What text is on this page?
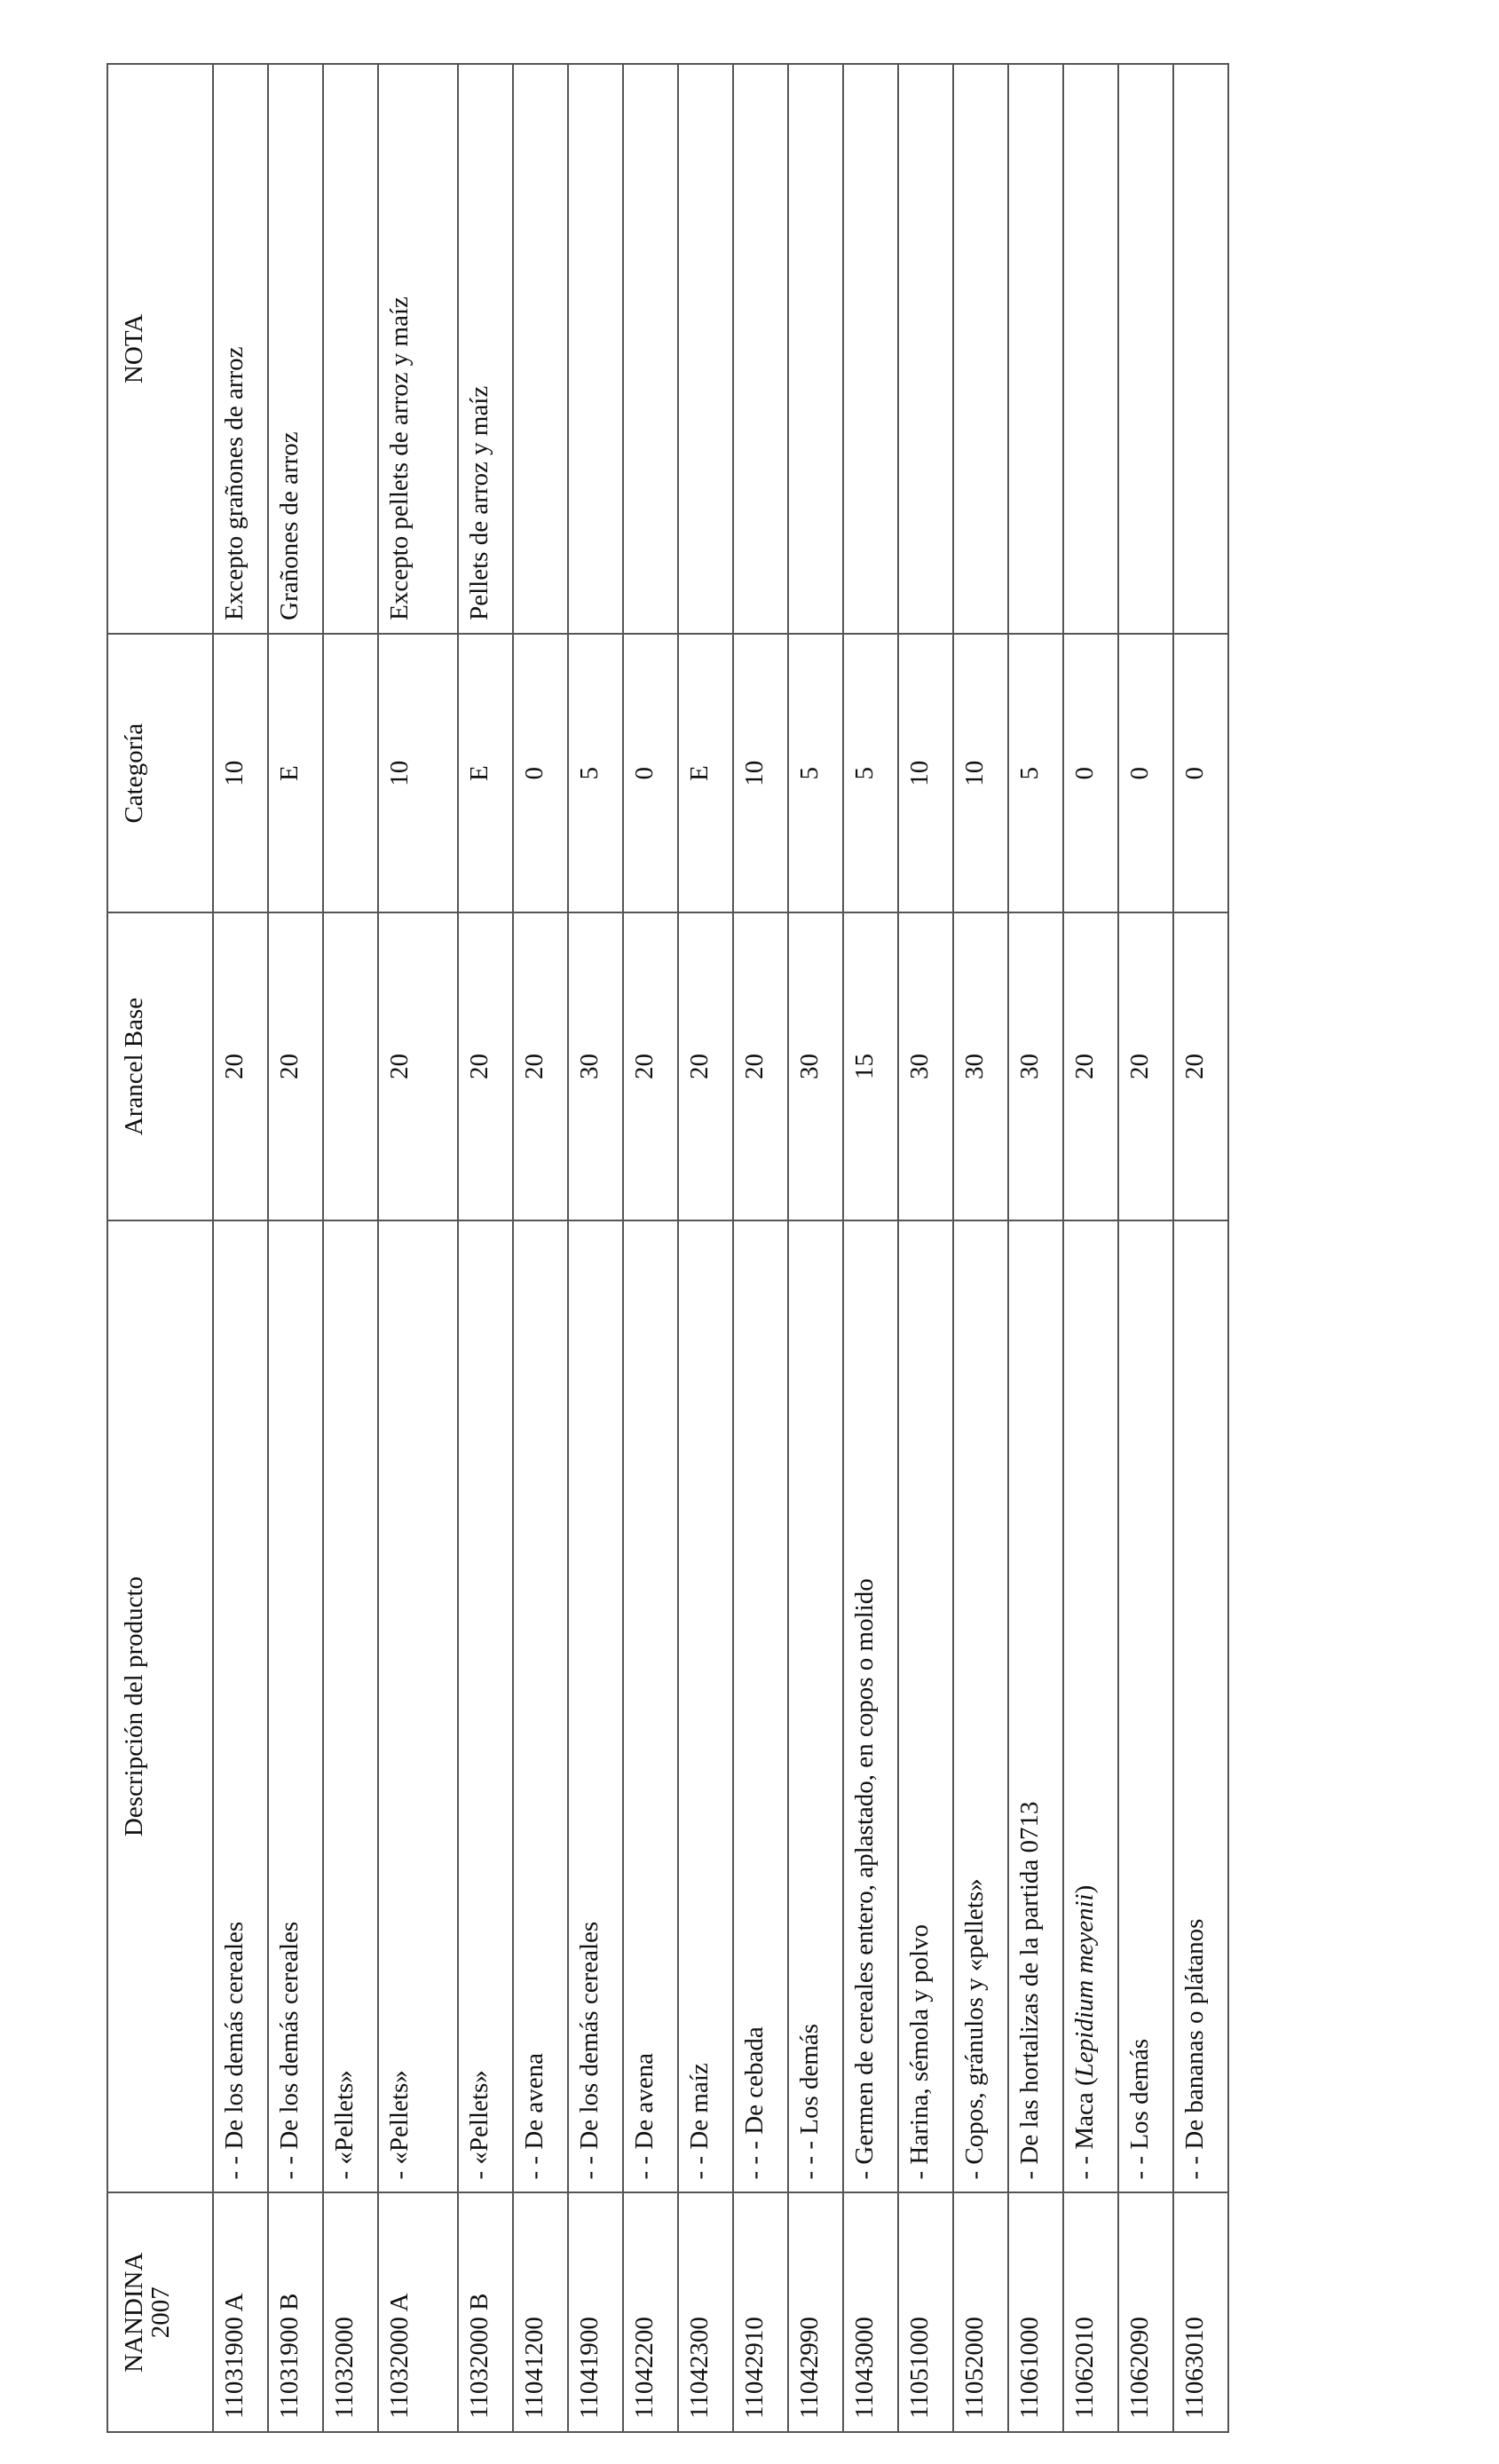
NANDINA 2007	Descripción del producto	Arancel Base	Categoría	NOTA
11031900 A	- - De los demás cereales	20	10	Excepto grañones de arroz
11031900 B	- - De los demás cereales	20	E	Grañones de arroz
11032000	- «Pellets»			
11032000 A	- «Pellets»	20	10	Excepto pellets de arroz y maíz
11032000 B	- «Pellets»	20	E	Pellets de arroz y maíz
11041200	- - De avena	20	0	
11041900	- - De los demás cereales	30	5	
11042200	- - De avena	20	0	
11042300	- - De maíz	20	E	
11042910	- - - De cebada	20	10	
11042990	- - - Los demás	30	5	
11043000	- Germen de cereales entero, aplastado, en copos o molido	15	5	
11051000	- Harina, sémola y polvo	30	10	
11052000	- Copos, gránulos y «pellets»	30	10	
11061000	- De las hortalizas de la partida 0713	30	5	
11062010	- - Maca (Lepidium meyenii)	20	0	
11062090	- - Los demás	20	0	
11063010	- - De bananas o plátanos	20	0	
